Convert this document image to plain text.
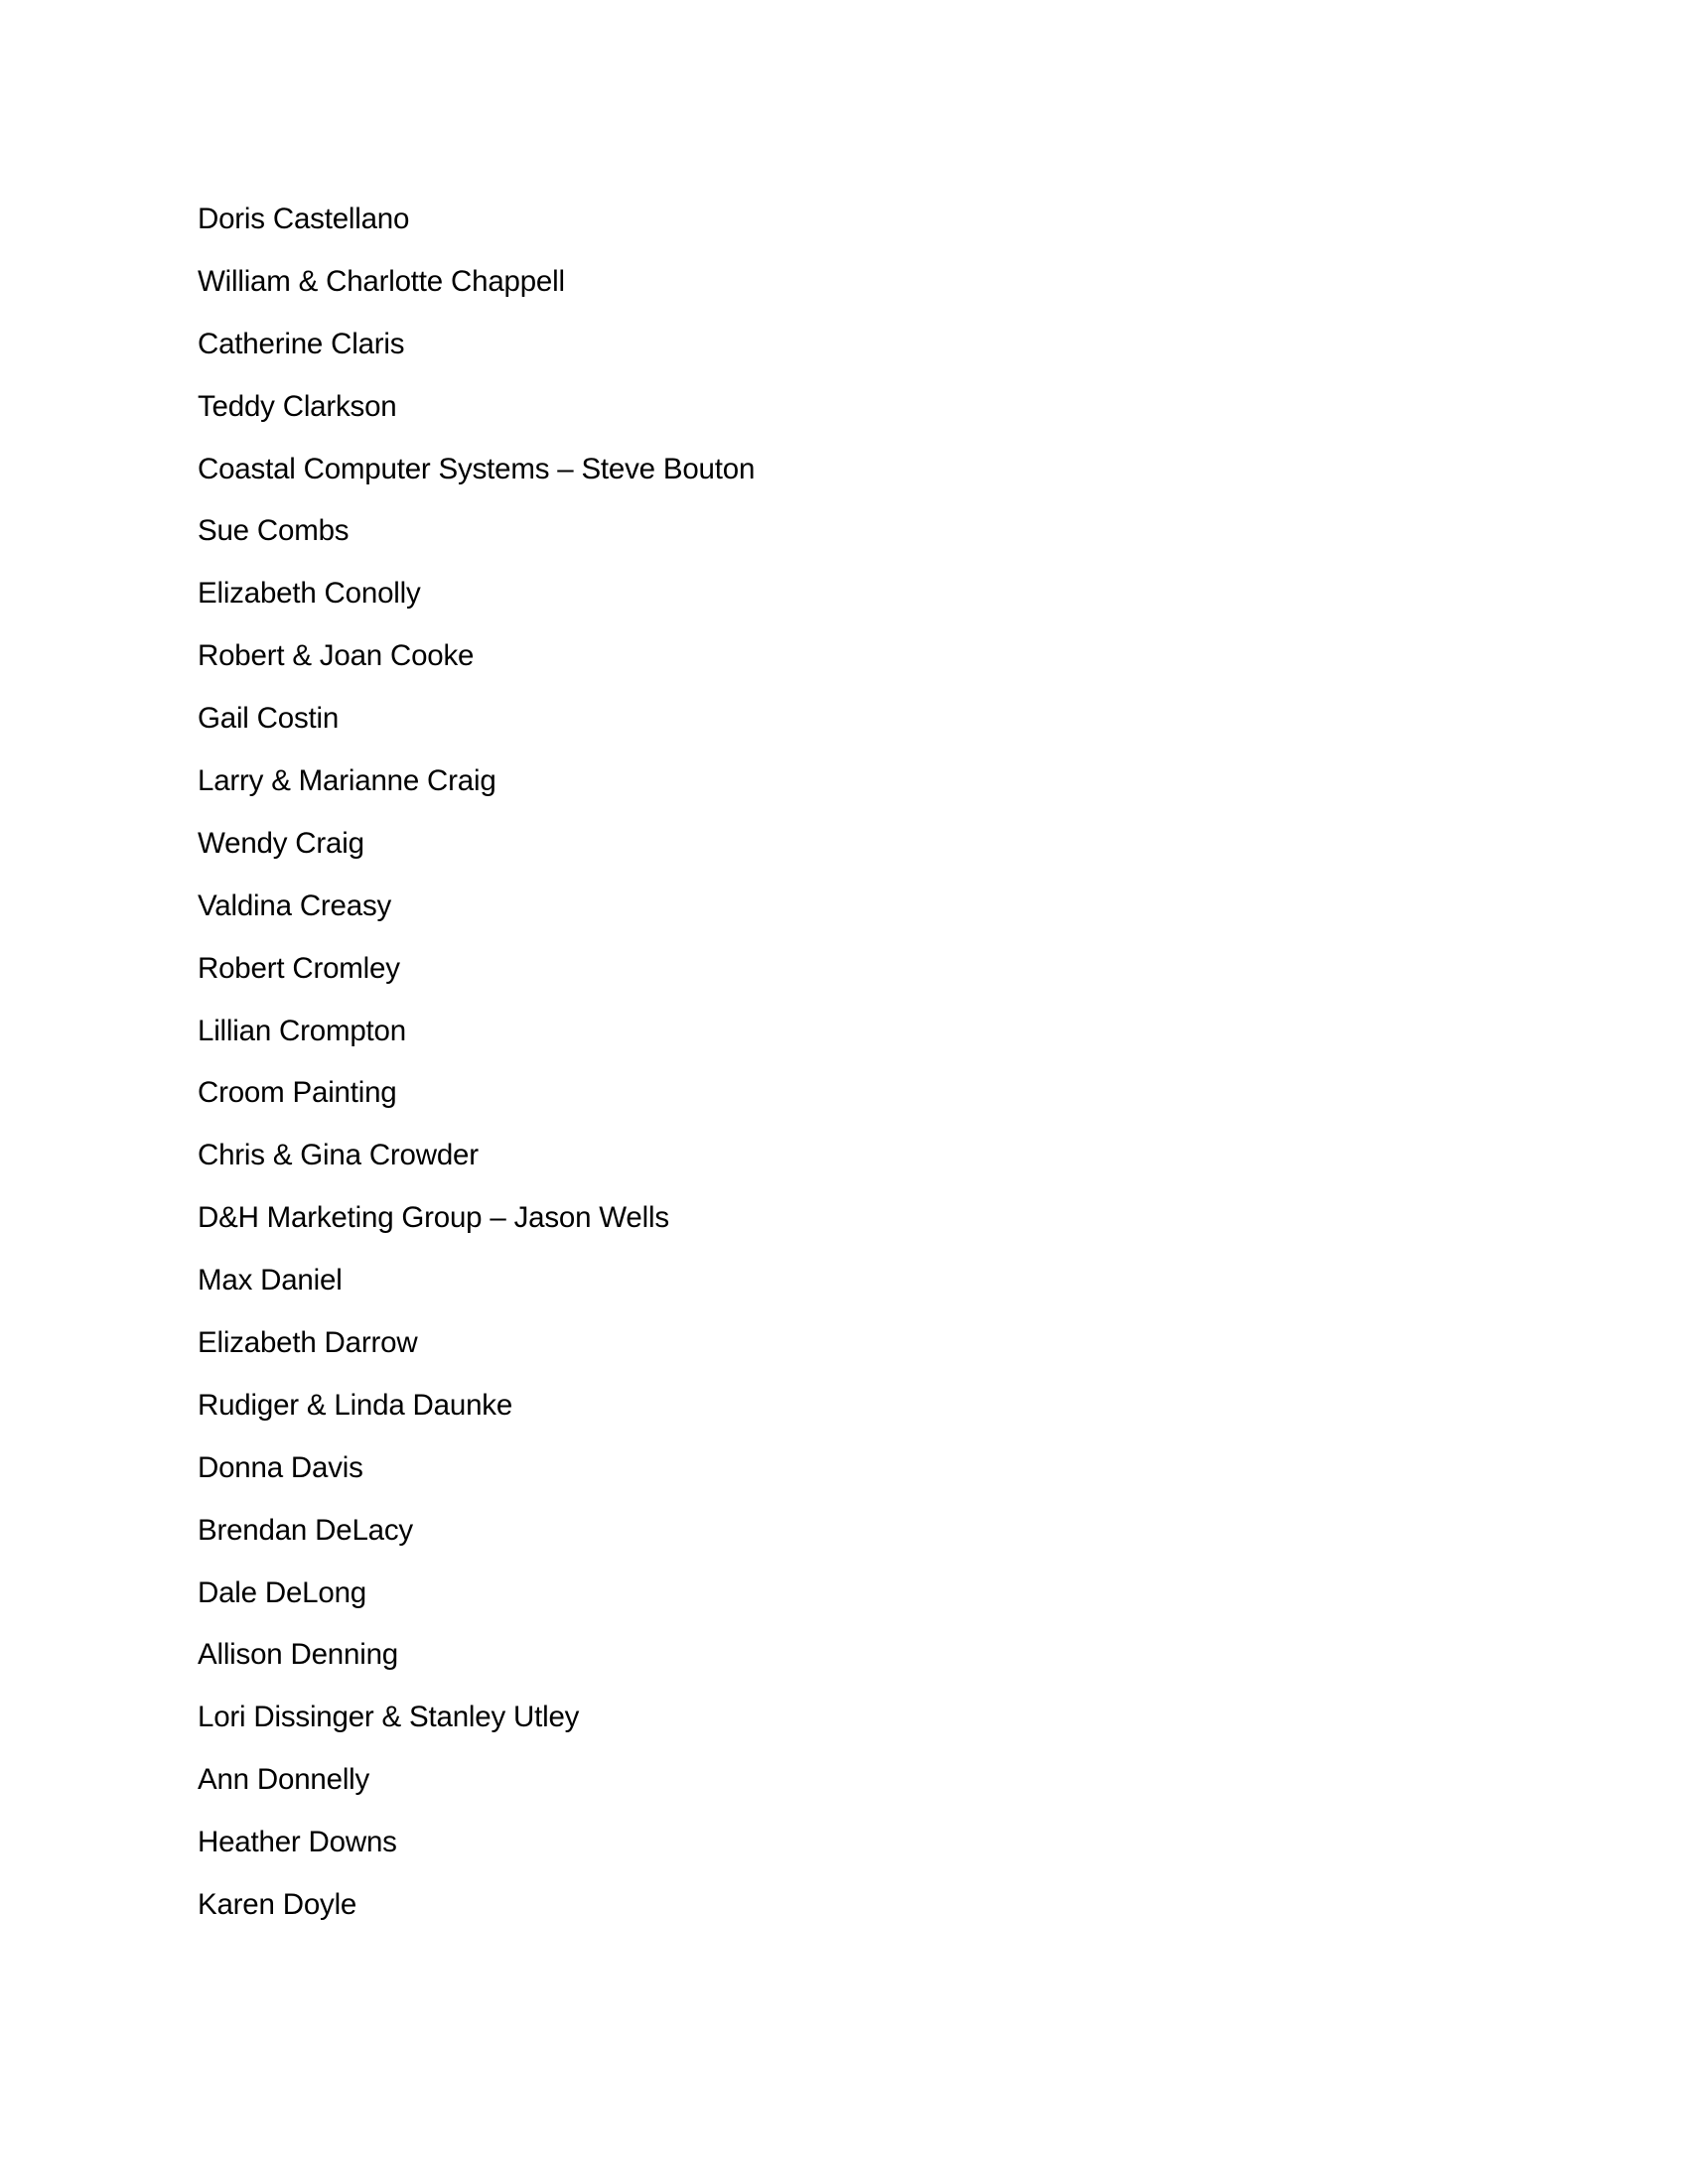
Doris Castellano
William & Charlotte Chappell
Catherine Claris
Teddy Clarkson
Coastal Computer Systems – Steve Bouton
Sue Combs
Elizabeth Conolly
Robert & Joan Cooke
Gail Costin
Larry & Marianne Craig
Wendy Craig
Valdina Creasy
Robert Cromley
Lillian Crompton
Croom Painting
Chris & Gina Crowder
D&H Marketing Group – Jason Wells
Max Daniel
Elizabeth Darrow
Rudiger & Linda Daunke
Donna Davis
Brendan DeLacy
Dale DeLong
Allison Denning
Lori Dissinger & Stanley Utley
Ann Donnelly
Heather Downs
Karen Doyle
